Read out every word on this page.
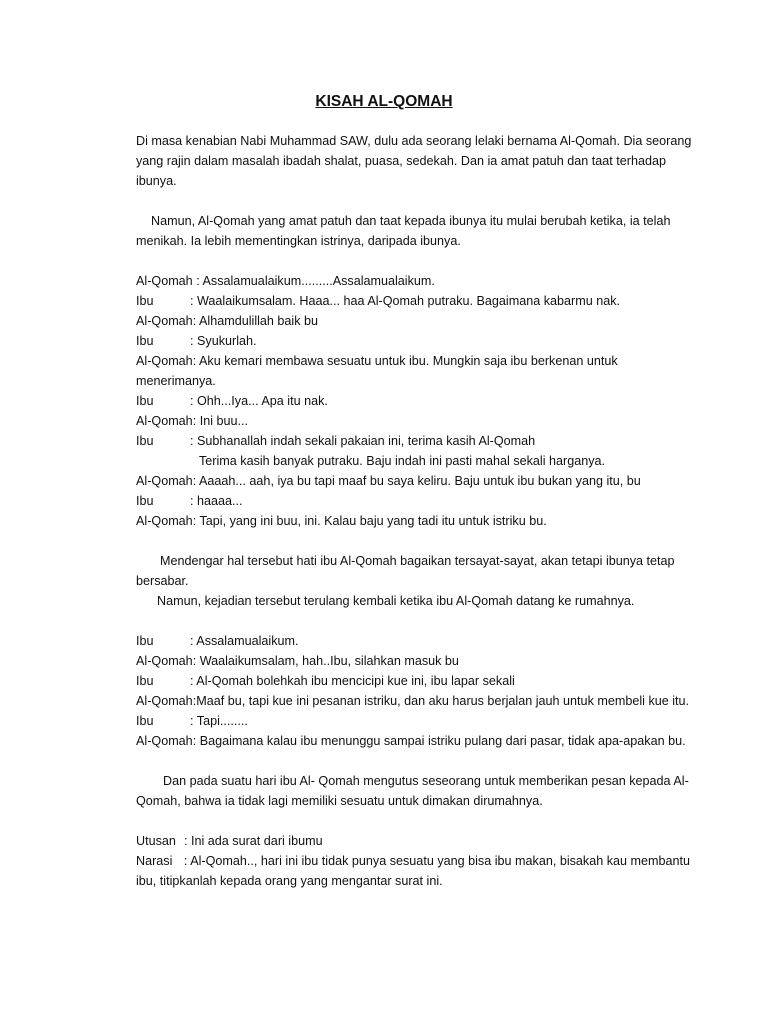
KISAH AL-QOMAH

Di masa kenabian Nabi Muhammad SAW, dulu ada seorang lelaki bernama Al-Qomah. Dia seorang yang rajin dalam masalah ibadah shalat, puasa, sedekah. Dan ia amat patuh dan taat terhadap ibunya.

Namun, Al-Qomah yang amat patuh dan taat kepada ibunya itu mulai berubah ketika, ia telah menikah. Ia lebih mementingkan istrinya, daripada ibunya.

Al-Qomah : Assalamualaikum.........Assalamualaikum.
Ibu	: Waalaikumsalam. Haaa... haa Al-Qomah putraku. Bagaimana kabarmu nak.
Al-Qomah: Alhamdulillah baik bu
Ibu	: Syukurlah.
Al-Qomah: Aku kemari membawa sesuatu untuk ibu. Mungkin saja ibu berkenan untuk menerimanya.
Ibu	: Ohh...Iya... Apa itu nak.
Al-Qomah: Ini buu...
Ibu	: Subhanallah indah sekali pakaian ini, terima kasih Al-Qomah
Terima kasih banyak putraku. Baju indah ini pasti mahal sekali harganya.
Al-Qomah: Aaaah... aah, iya bu tapi maaf bu saya keliru. Baju untuk ibu bukan yang itu, bu
Ibu	: haaaa...
Al-Qomah: Tapi, yang ini buu, ini. Kalau baju yang tadi itu untuk istriku bu.

Mendengar hal tersebut hati ibu Al-Qomah bagaikan tersayat-sayat, akan tetapi ibunya tetap bersabar.

Namun, kejadian tersebut terulang kembali ketika ibu Al-Qomah datang ke rumahnya.

Ibu	: Assalamualaikum.
Al-Qomah: Waalaikumsalam, hah..Ibu, silahkan masuk bu
Ibu	: Al-Qomah bolehkah ibu mencicipi kue ini, ibu lapar sekali
Al-Qomah:Maaf bu, tapi kue ini pesanan istriku, dan aku harus berjalan jauh untuk membeli kue itu.
Ibu	: Tapi........
Al-Qomah: Bagaimana kalau ibu menunggu sampai istriku pulang dari pasar, tidak apa-apakan bu.

Dan pada suatu hari ibu Al- Qomah mengutus seseorang untuk memberikan pesan kepada Al-Qomah, bahwa ia tidak lagi memiliki sesuatu untuk dimakan dirumahnya.

Utusan : Ini ada surat dari ibumu
Narasi : Al-Qomah.., hari ini ibu tidak punya sesuatu yang bisa ibu makan, bisakah kau membantu ibu, titipkanlah kepada orang yang mengantar surat ini.
